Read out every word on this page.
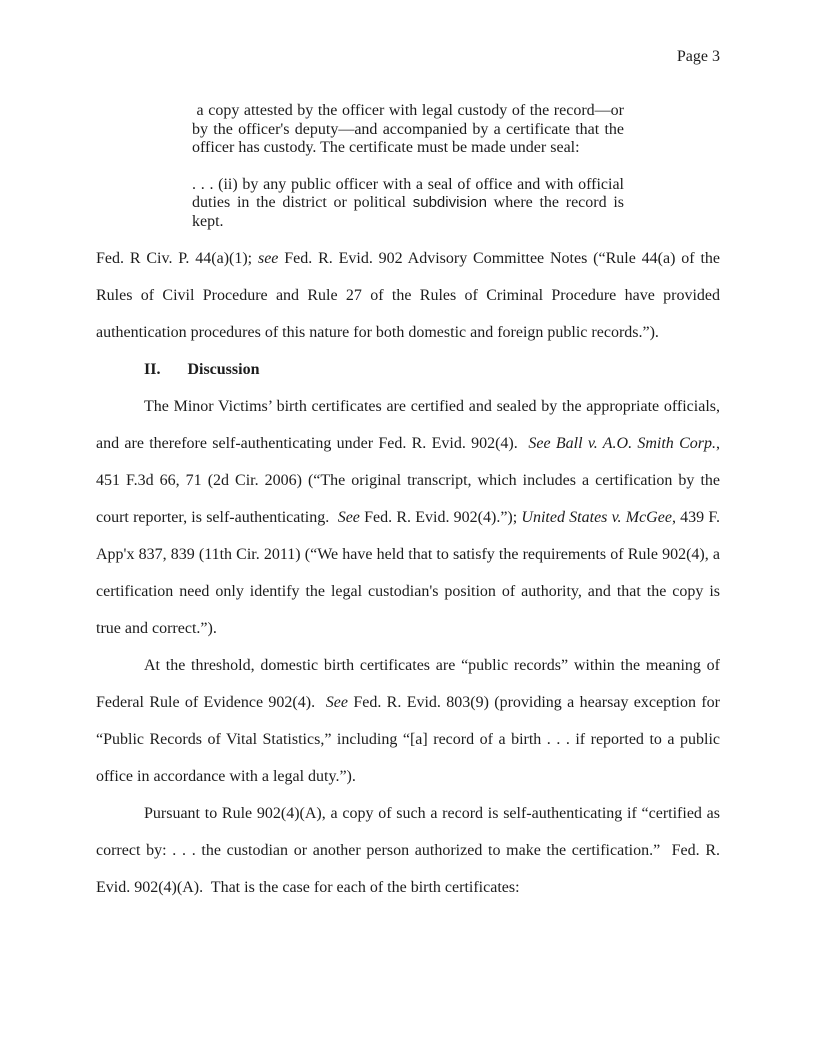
Page 3
a copy attested by the officer with legal custody of the record—or by the officer's deputy—and accompanied by a certificate that the officer has custody. The certificate must be made under seal:
. . . (ii) by any public officer with a seal of office and with official duties in the district or political subdivision where the record is kept.

Fed. R Civ. P. 44(a)(1); see Fed. R. Evid. 902 Advisory Committee Notes (“Rule 44(a) of the Rules of Civil Procedure and Rule 27 of the Rules of Criminal Procedure have provided authentication procedures of this nature for both domestic and foreign public records.”).

II. Discussion

The Minor Victims’ birth certificates are certified and sealed by the appropriate officials, and are therefore self-authenticating under Fed. R. Evid. 902(4).  See Ball v. A.O. Smith Corp., 451 F.3d 66, 71 (2d Cir. 2006) (“The original transcript, which includes a certification by the court reporter, is self-authenticating.  See Fed. R. Evid. 902(4).”); United States v. McGee, 439 F. App'x 837, 839 (11th Cir. 2011) (“We have held that to satisfy the requirements of Rule 902(4), a certification need only identify the legal custodian's position of authority, and that the copy is true and correct.”).

At the threshold, domestic birth certificates are “public records” within the meaning of Federal Rule of Evidence 902(4).  See Fed. R. Evid. 803(9) (providing a hearsay exception for “Public Records of Vital Statistics,” including “[a] record of a birth . . . if reported to a public office in accordance with a legal duty.”).

Pursuant to Rule 902(4)(A), a copy of such a record is self-authenticating if “certified as correct by: . . . the custodian or another person authorized to make the certification.”  Fed. R. Evid. 902(4)(A).  That is the case for each of the birth certificates:
